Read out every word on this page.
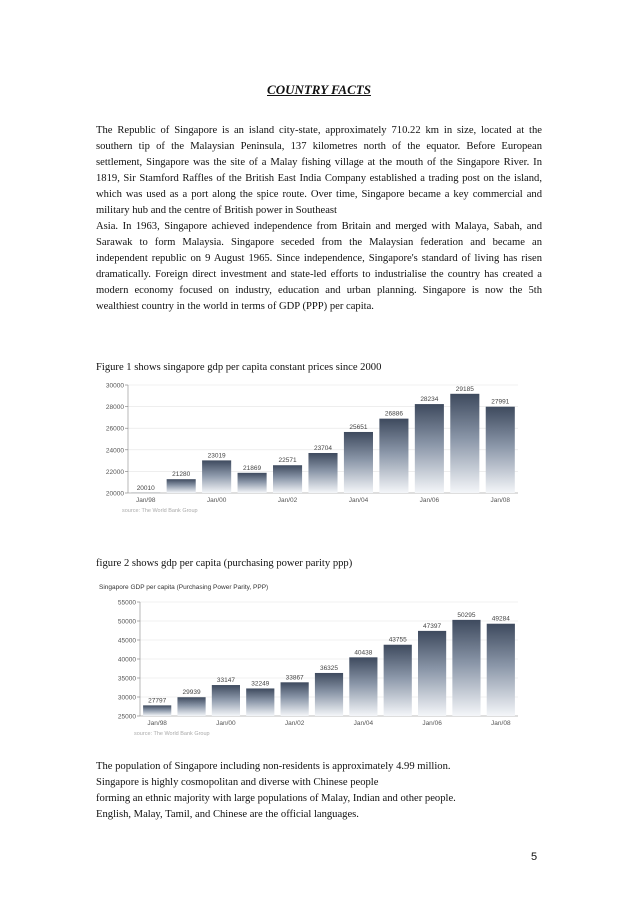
COUNTRY FACTS

The Republic of Singapore is an island city-state, approximately 710.22 km in size, located at the southern tip of the Malaysian Peninsula, 137 kilometres north of the equator. Before European settlement, Singapore was the site of a Malay fishing village at the mouth of the Singapore River. In 1819, Sir Stamford Raffles of the British East India Company established a trading post on the island, which was used as a port along the spice route. Over time, Singapore became a key commercial and military hub and the centre of British power in Southeast

Asia. In 1963, Singapore achieved independence from Britain and merged with Malaya, Sabah, and Sarawak to form Malaysia. Singapore seceded from the Malaysian federation and became an independent republic on 9 August 1965. Since independence, Singapore's standard of living has risen dramatically. Foreign direct investment and state-led efforts to industrialise the country has created a modern economy focused on industry, education and urban planning. Singapore is now the 5th wealthiest country in the world in terms of GDP (PPP) per capita.

Figure 1 shows singapore gdp per capita constant prices since 2000
20000
22000
24000
26000
28000
30000
20010
21280
23019
21869
22571
23704
25651
26886
28234
29185
27991
Jan/98	Jan/00	Jan/02	Jan/04	Jan/06	Jan/08
source: The World Bank Group
figure 2 shows gdp per capita (purchasing power parity ppp)
Singapore GDP per capita (Purchasing Power Parity, PPP)
25000
30000
35000
40000
45000
50000
55000
27797
29939
33147	32249
33867
36325
40438
43755
47397
50295
49284
Jan/98	Jan/00	Jan/02	Jan/04	Jan/06	Jan/08
source: The World Bank Group

The population of Singapore including non-residents is approximately 4.99 million.

Singapore is highly cosmopolitan and diverse with Chinese people

forming an ethnic majority with large populations of Malay, Indian and other people.

English, Malay, Tamil, and Chinese are the official languages.

5
